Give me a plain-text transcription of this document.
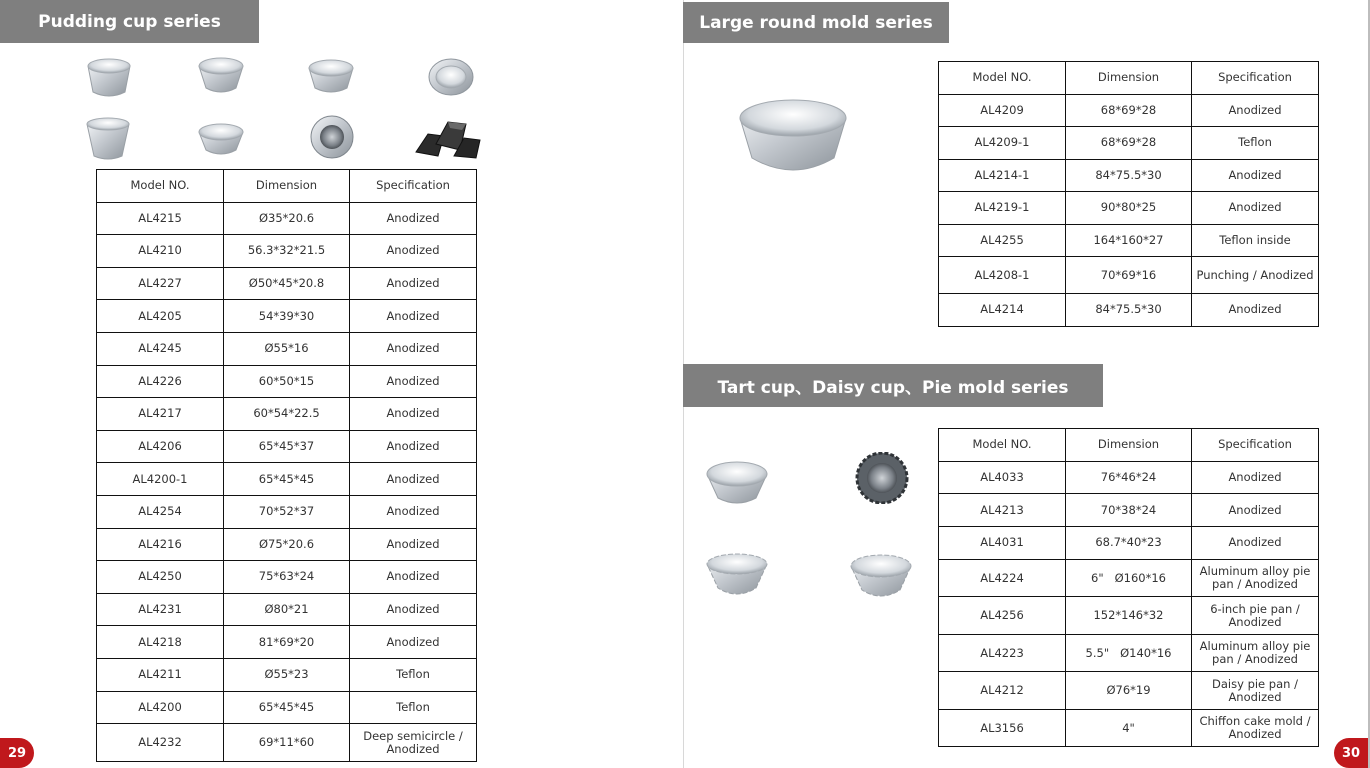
Pudding cup series	Large round mold series
Tart cup、Daisy cup、Pie mold series
Model NO.	Dimension	Specification
AL4215	Ø35*20.6	Anodized
AL4210	56.3*32*21.5	Anodized
AL4227	Ø50*45*20.8	Anodized
AL4205	54*39*30	Anodized
AL4245	Ø55*16	Anodized
AL4226	60*50*15	Anodized
AL4217	60*54*22.5	Anodized
AL4206	65*45*37	Anodized
AL4200-1	65*45*45	Anodized
AL4254	70*52*37	Anodized
AL4216	Ø75*20.6	Anodized
AL4250	75*63*24	Anodized
AL4231	Ø80*21	Anodized
AL4218	81*69*20	Anodized
AL4211	Ø55*23	Teflon
AL4200	65*45*45	Teflon
AL4232	69*11*60	Deep semicircle / Anodized
Model NO.	Dimension	Specification
AL4209	68*69*28	Anodized
AL4209-1	68*69*28	Teflon
AL4214-1	84*75.5*30	Anodized
AL4219-1	90*80*25	Anodized
AL4255	164*160*27	Teflon inside
AL4208-1	70*69*16	Punching / Anodized
AL4214	84*75.5*30	Anodized
Model NO.	Dimension	Specification
AL4033	76*46*24	Anodized
AL4213	70*38*24	Anodized
AL4031	68.7*40*23	Anodized
AL4224	6"   Ø160*16	Aluminum alloy pie pan / Anodized
AL4256	152*146*32	6-inch pie pan / Anodized
AL4223	5.5"   Ø140*16	Aluminum alloy pie pan / Anodized
AL4212	Ø76*19	Daisy pie pan / Anodized
AL3156	4"	Chiffon cake mold / Anodized
29	30
